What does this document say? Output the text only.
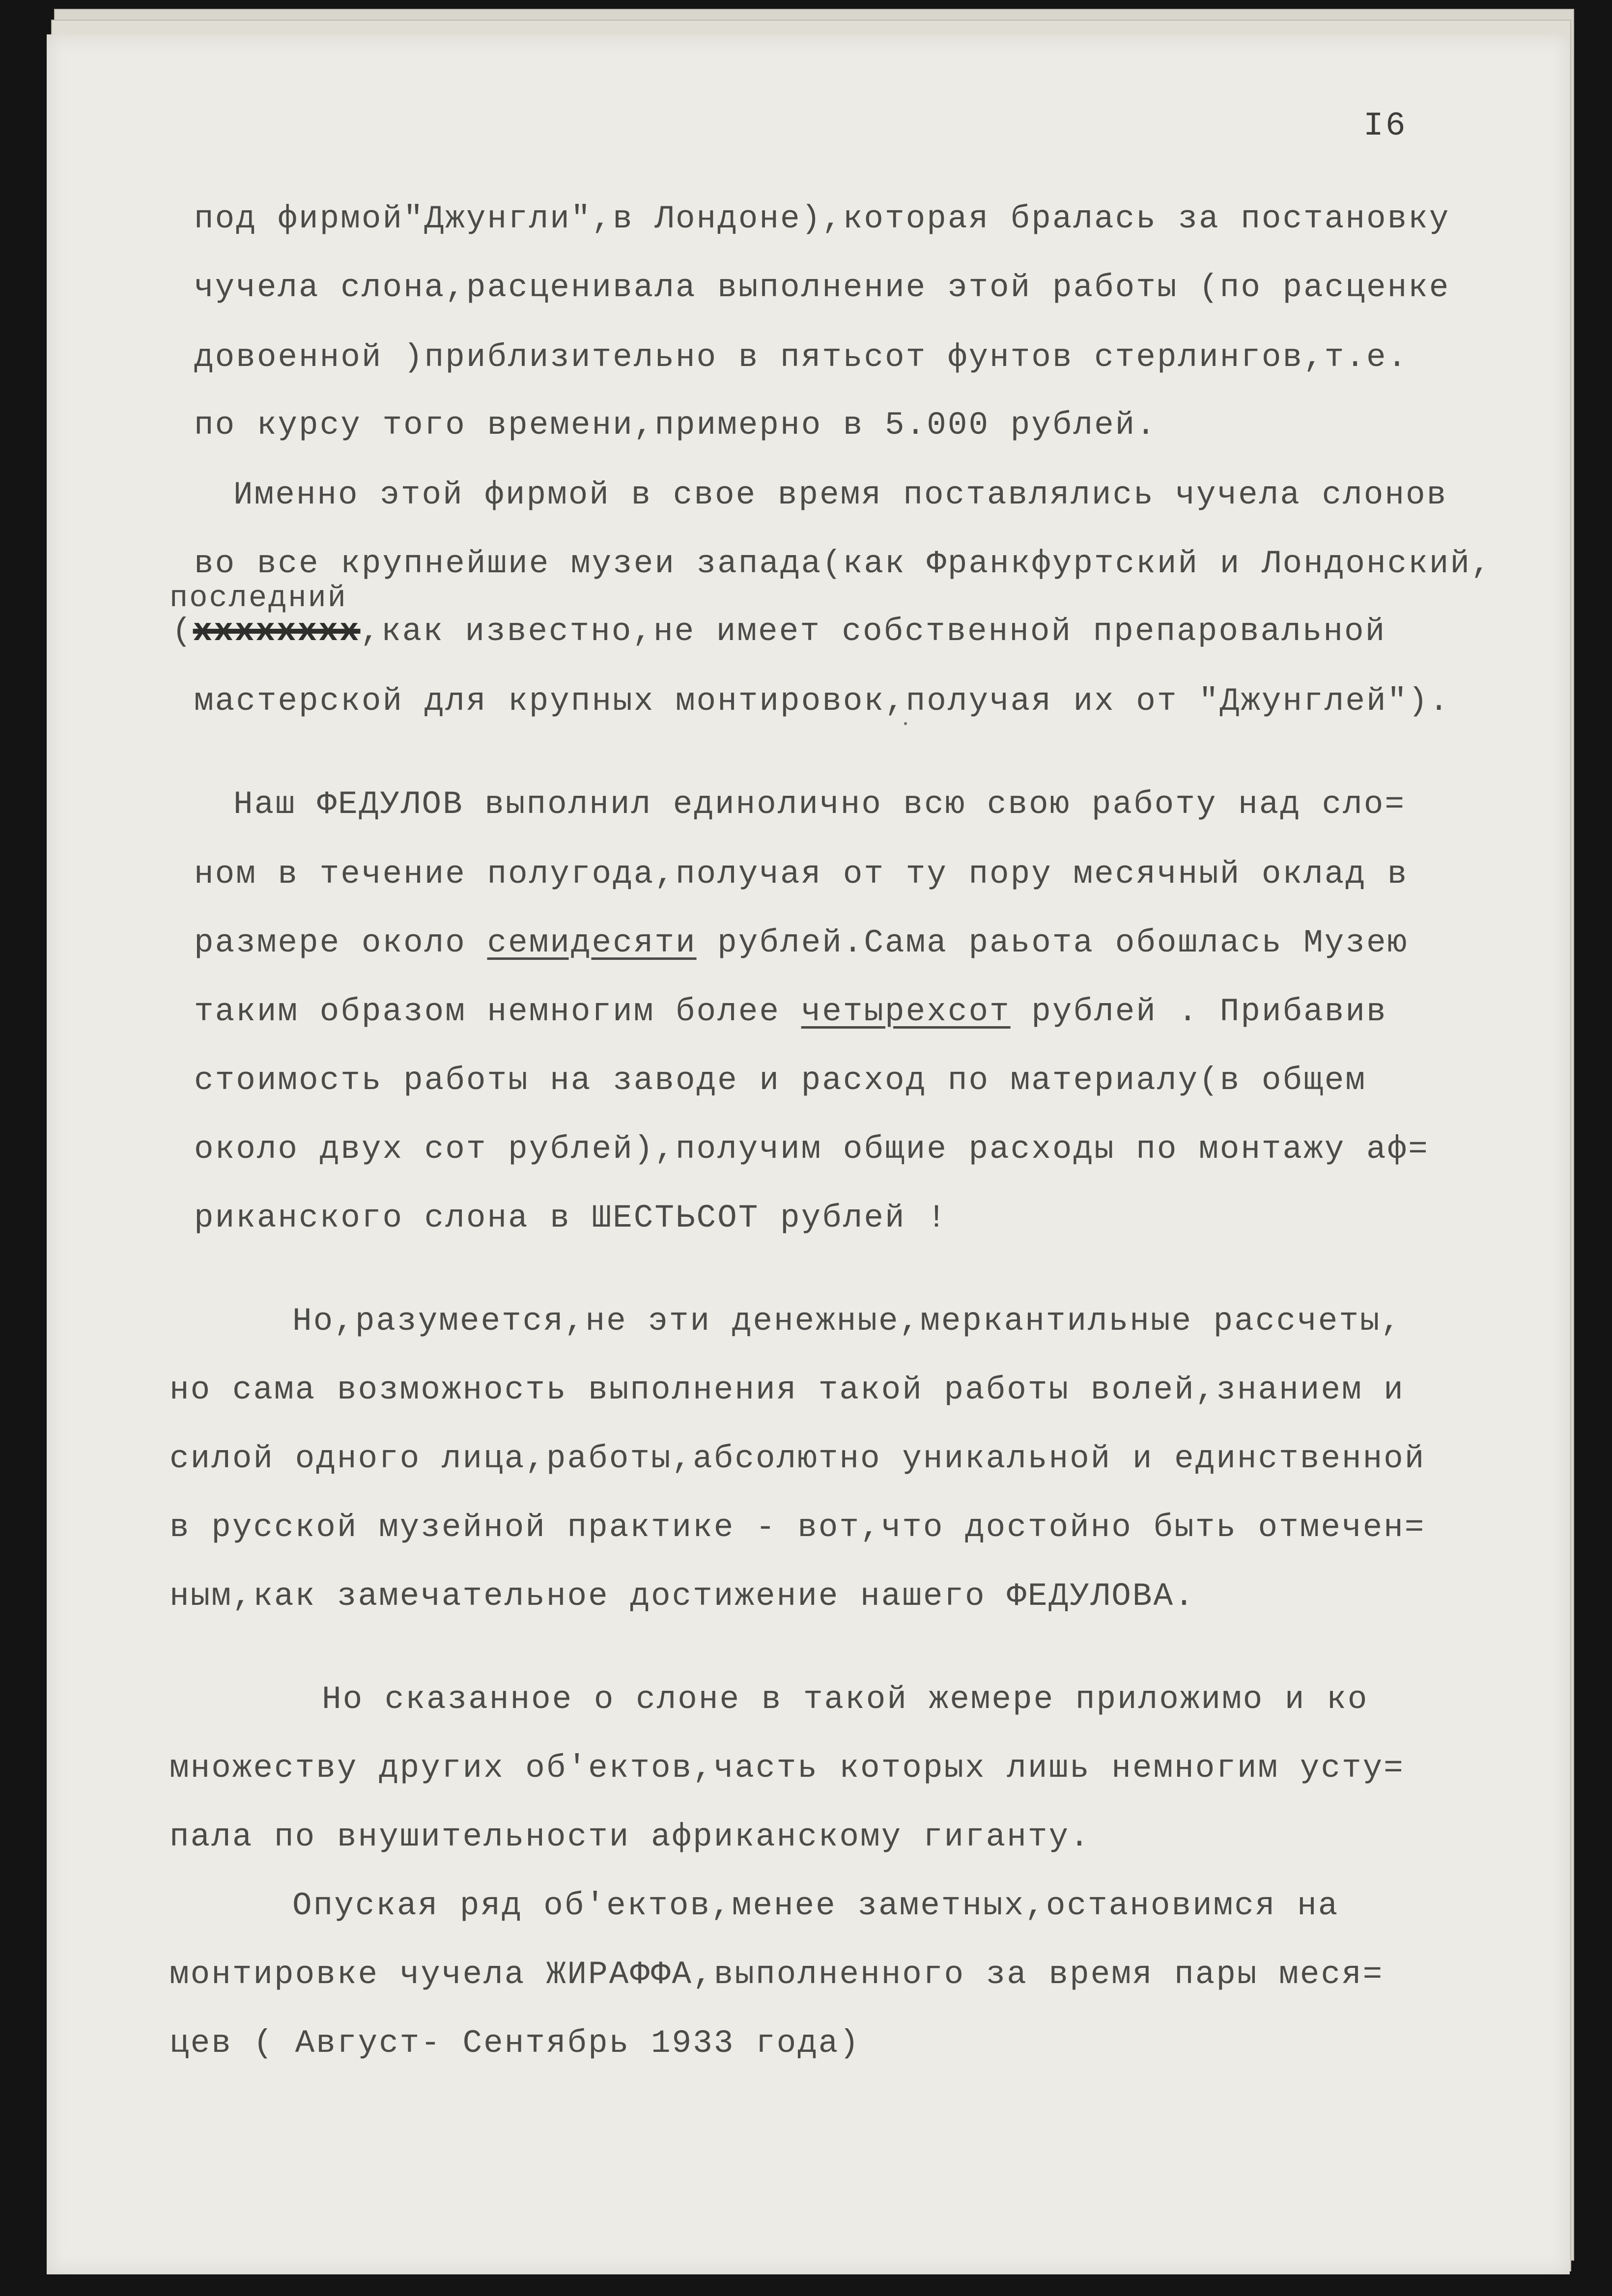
I6
под фирмой"Джунгли",в Лондоне),которая бралась за постановку
чучела слона,расценивала выполнение этой работы (по расценке
довоенной )приблизительно в пятьсот фунтов стерлингов,т.е.
по курсу того времени,примерно в 5.000 рублей.
Именно этой фирмой в свое время поставлялись чучела слонов
во все крупнейшие музеи запада(как Франкфуртский и Лондонский,
последний
(xxxxxxxx,как известно,не имеет собственной препаровальной
мастерской для крупных монтировок,получая их от "Джунглей").
Наш ФЕДУЛОВ выполнил единолично всю свою работу над сло=
ном в течение полугода,получая от ту пору месячный оклад в
размере около семидесяти рублей.Сама раьота обошлась Музею
таким образом немногим более четырехсот рублей . Прибавив
стоимость работы на заводе и расход по материалу(в общем
около двух сот рублей),получим общие расходы по монтажу аф=
риканского слона в ШЕСТЬСОТ рублей !
Но,разумеется,не эти денежные,меркантильные рассчеты,
но сама возможность выполнения такой работы волей,знанием и
силой одного лица,работы,абсолютно уникальной и единственной
в русской музейной практике - вот,что достойно быть отмечен=
ным,как замечательное достижение нашего ФЕДУЛОВА.
Но сказанное о слоне в такой жемере приложимо и ко
множеству других об'ектов,часть которых лишь немногим усту=
пала по внушительности африканскому гиганту.
Опуская ряд об'ектов,менее заметных,остановимся на
монтировке чучела ЖИРАФФА,выполненного за время пары меся=
цев ( Август- Сентябрь 1933 года)
